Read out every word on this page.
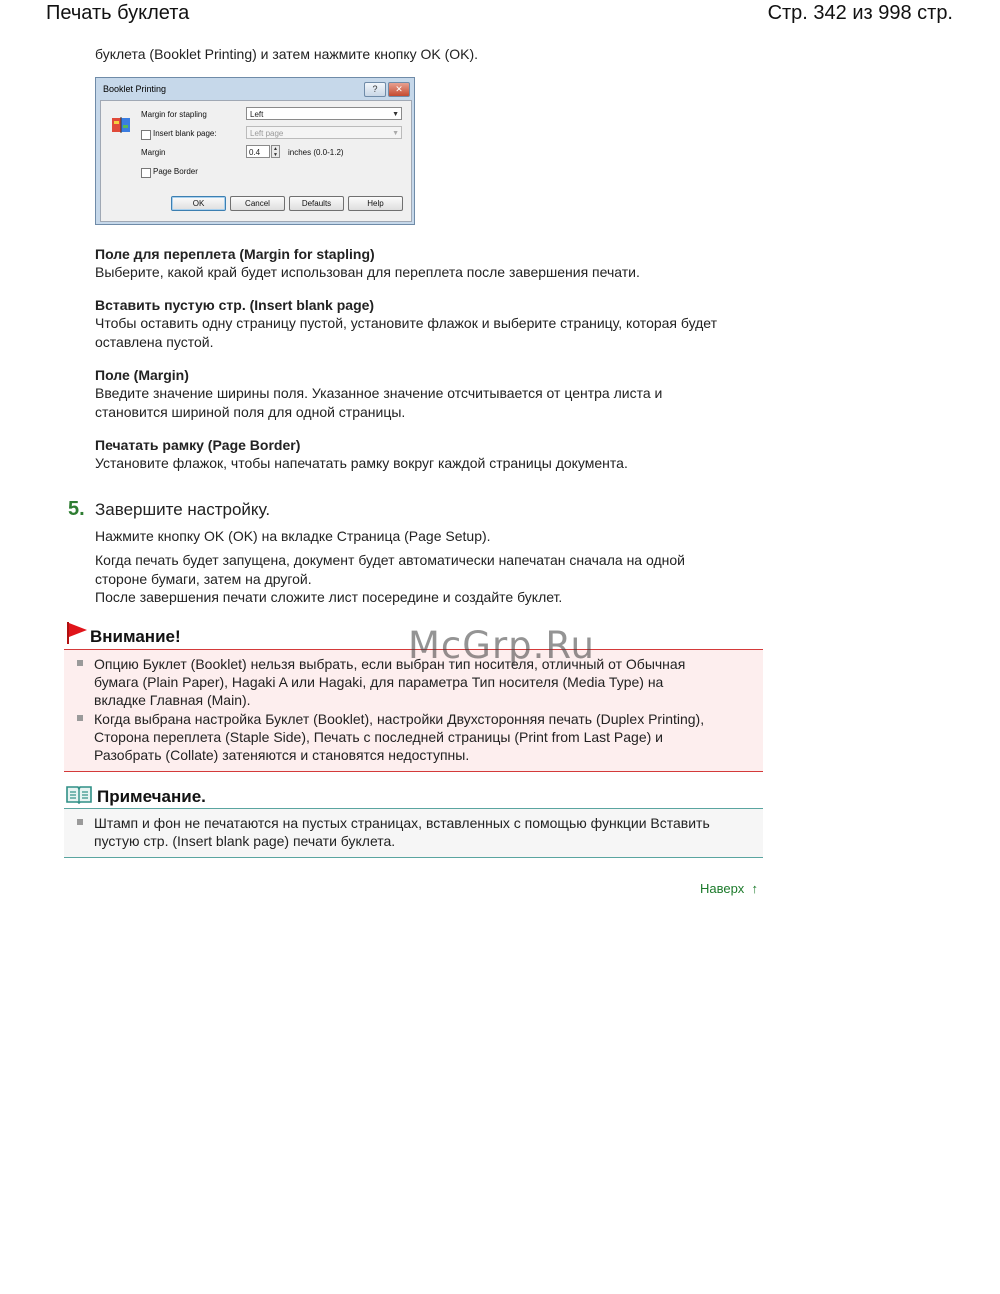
Печать буклета	Стр. 342 из 998 стр.
буклета (Booklet Printing) и затем нажмите кнопку OK (OK).
Booklet Printing	?	✕
Margin for stapling	Left	▼
Insert blank page:	Left page	▼
Margin	0.4	▲
▼ inches (0.0-1.2)
Page Border
OK	Cancel	Defaults	Help
Поле для переплета (Margin for stapling)
Выберите, какой край будет использован для переплета после завершения печати.
Вставить пустую стр. (Insert blank page)
Чтобы оставить одну страницу пустой, установите флажок и выберите страницу, которая будет
оставлена пустой.
Поле (Margin)
Введите значение ширины поля. Указанное значение отсчитывается от центра листа и
становится шириной поля для одной страницы.
Печатать рамку (Page Border)
Установите флажок, чтобы напечатать рамку вокруг каждой страницы документа.
5. Завершите настройку.
Нажмите кнопку OK (OK) на вкладке Страница (Page Setup).
Когда печать будет запущена, документ будет автоматически напечатан сначала на одной
стороне бумаги, затем на другой.
После завершения печати сложите лист посередине и создайте буклет.
Внимание!
Опцию Буклет (Booklet) нельзя выбрать, если выбран тип носителя, отличный от Обычная
бумага (Plain Paper), Hagaki A или Hagaki, для параметра Тип носителя (Media Type) на
вкладке Главная (Main).
Когда выбрана настройка Буклет (Booklet), настройки Двухсторонняя печать (Duplex Printing),
Сторона переплета (Staple Side), Печать с последней страницы (Print from Last Page) и
Разобрать (Collate) затеняются и становятся недоступны.
Примечание.
Штамп и фон не печатаются на пустых страницах, вставленных с помощью функции Вставить
пустую стр. (Insert blank page) печати буклета.
McGrp.Ru
Наверх  ↑
